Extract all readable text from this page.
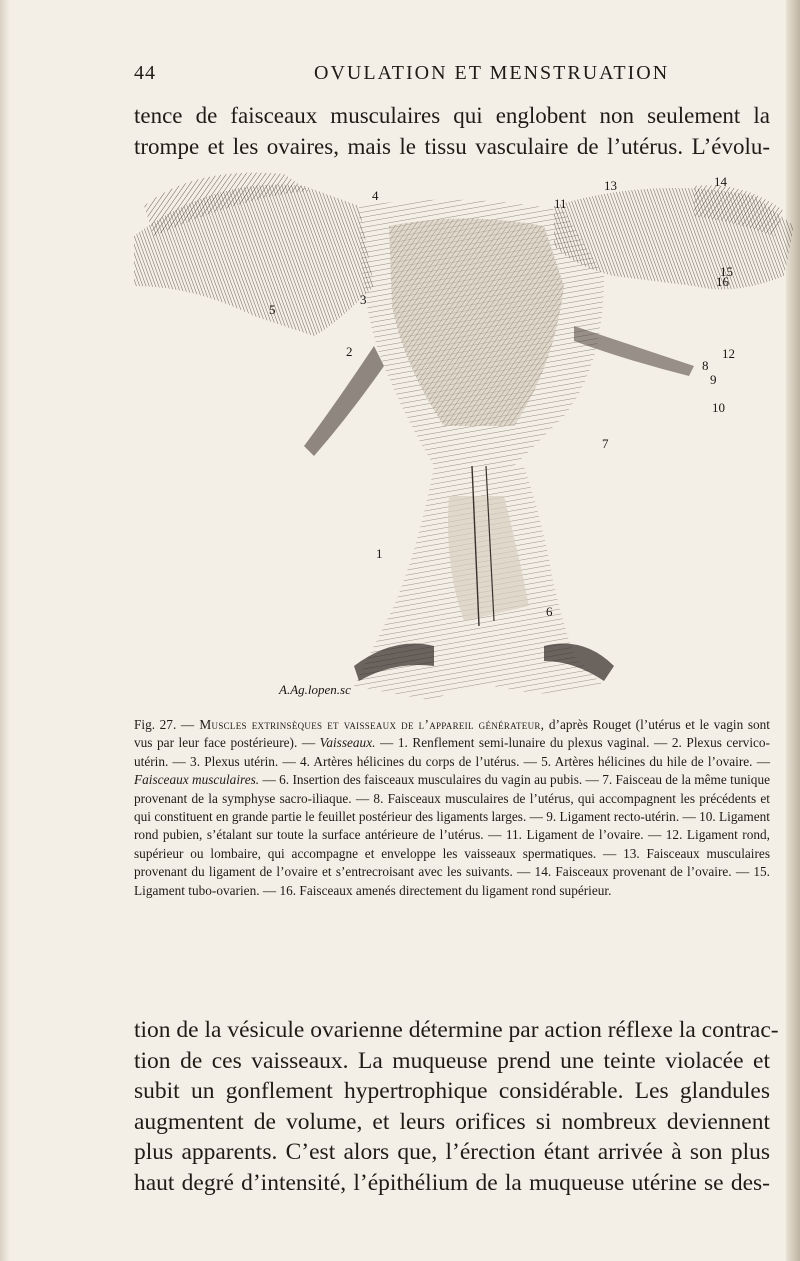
44	OVULATION ET MENSTRUATION
tence de faisceaux musculaires qui englobent non seulement la
trompe et les ovaires, mais le tissu vasculaire de l’utérus. L’évolu-
4
11
13	14
15
16
12
3
5
2
8
9
10
7
1
6
A.Ag.lopen.sc
Fig. 27. — Muscles extrinsèques et vaisseaux de l’appareil générateur, d’après Rouget (l’utérus et le vagin sont vus par leur face postérieure). — Vaisseaux. — 1. Renflement semi-lunaire du plexus vaginal. — 2. Plexus cervico-utérin. — 3. Plexus utérin. — 4. Artères hélicines du corps de l’utérus. — 5. Artères hélicines du hile de l’ovaire. — Faisceaux musculaires. — 6. Insertion des faisceaux musculaires du vagin au pubis. — 7. Faisceau de la même tunique provenant de la symphyse sacro-iliaque. — 8. Faisceaux musculaires de l’utérus, qui accompagnent les précédents et qui constituent en grande partie le feuillet postérieur des ligaments larges. — 9. Ligament recto-utérin. — 10. Ligament rond pubien, s’étalant sur toute la surface antérieure de l’utérus. — 11. Ligament de l’ovaire. — 12. Ligament rond, supérieur ou lombaire, qui accompagne et enveloppe les vaisseaux spermatiques. — 13. Faisceaux musculaires provenant du ligament de l’ovaire et s’entrecroisant avec les suivants. — 14. Faisceaux provenant de l’ovaire. — 15. Ligament tubo-ovarien. — 16. Faisceaux amenés directement du ligament rond supérieur.
tion de la vésicule ovarienne détermine par action réflexe la contrac-
tion de ces vaisseaux. La muqueuse prend une teinte violacée et
subit un gonflement hypertrophique considérable. Les glandules
augmentent de volume, et leurs orifices si nombreux deviennent
plus apparents. C’est alors que, l’érection étant arrivée à son plus
haut degré d’intensité, l’épithélium de la muqueuse utérine se des-
